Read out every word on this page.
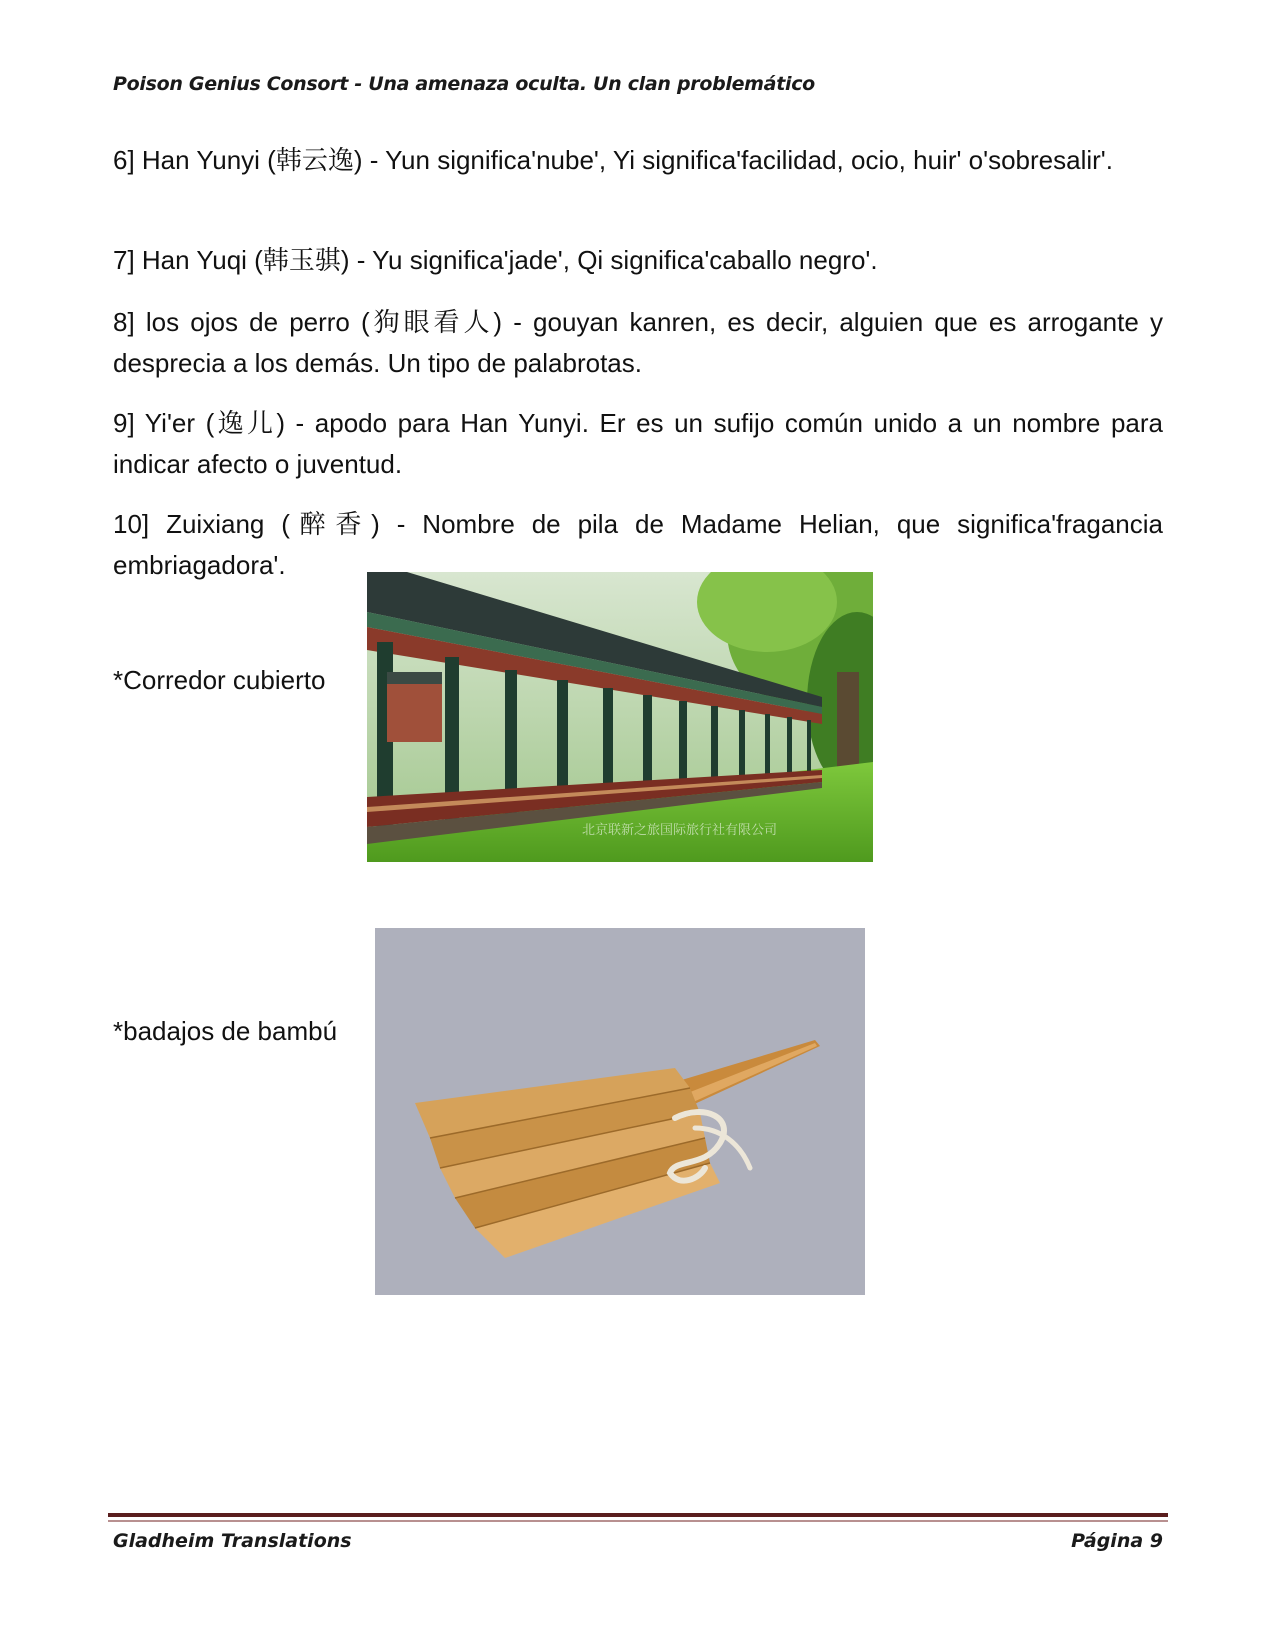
Poison Genius Consort - Una amenaza oculta. Un clan problemático

6] Han Yunyi (韩云逸) - Yun significa'nube', Yi significa'facilidad, ocio, huir' o'sobresalir'.

7] Han Yuqi (韩玉骐) - Yu significa'jade', Qi significa'caballo negro'.

8] los ojos de perro (狗眼看人) - gouyan kanren, es decir, alguien que es arrogante y desprecia a los demás. Un tipo de palabrotas.

9] Yi'er (逸儿) - apodo para Han Yunyi. Er es un sufijo común unido a un nombre para indicar afecto o juventud.

10] Zuixiang (醉香) - Nombre de pila de Madame Helian, que significa'fragancia embriagadora'.

*Corredor cubierto
北京联新之旅国际旅行社有限公司
*badajos de bambú
Gladheim Translations	Página 9
